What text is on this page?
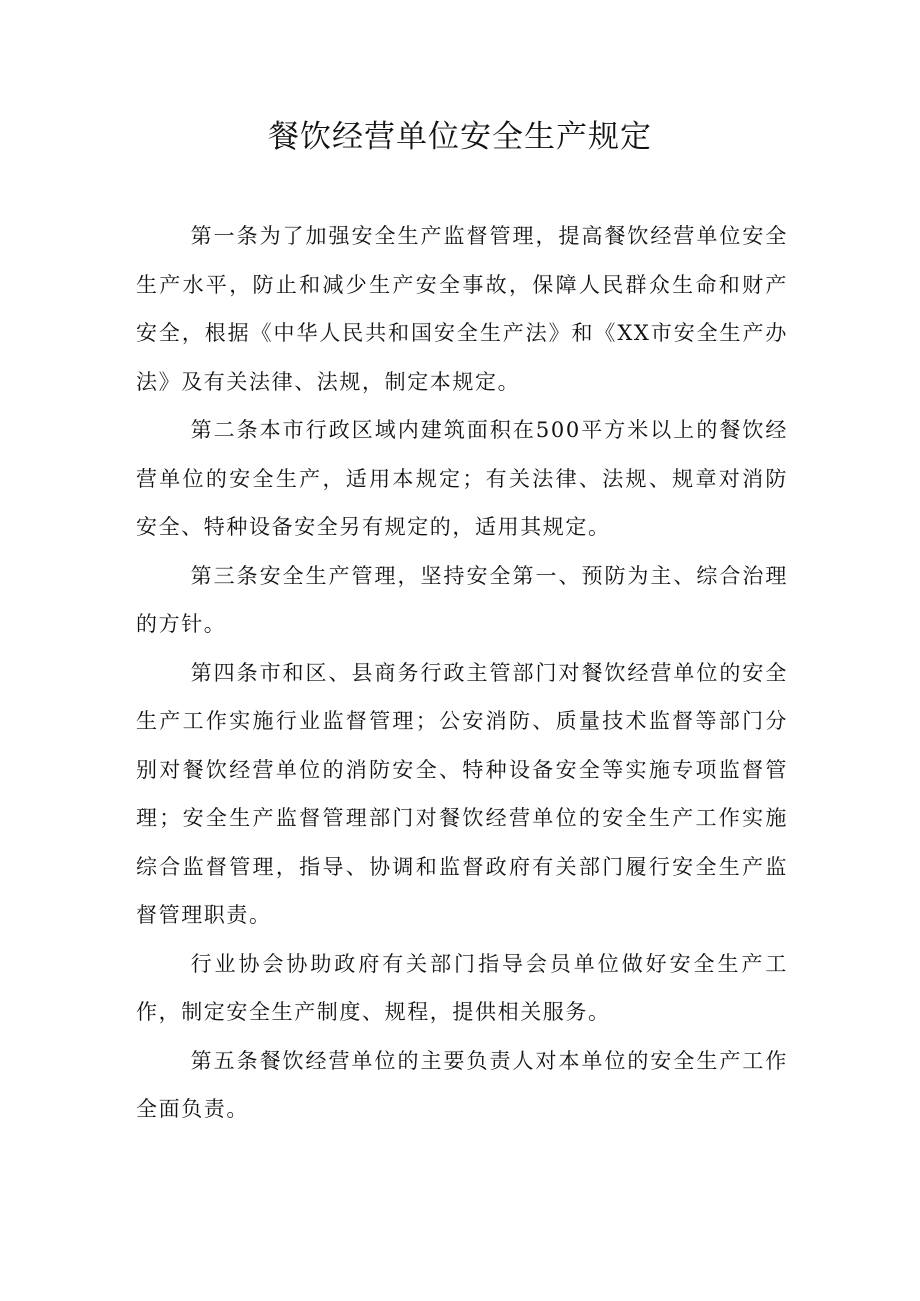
餐饮经营单位安全生产规定

第一条为了加强安全生产监督管理，提高餐饮经营单位安全生产水平，防止和减少生产安全事故，保障人民群众生命和财产安全，根据《中华人民共和国安全生产法》和《XX市安全生产办法》及有关法律、法规，制定本规定。

第二条本市行政区域内建筑面积在500平方米以上的餐饮经营单位的安全生产，适用本规定；有关法律、法规、规章对消防安全、特种设备安全另有规定的，适用其规定。

第三条安全生产管理，坚持安全第一、预防为主、综合治理的方针。

第四条市和区、县商务行政主管部门对餐饮经营单位的安全生产工作实施行业监督管理；公安消防、质量技术监督等部门分别对餐饮经营单位的消防安全、特种设备安全等实施专项监督管理；安全生产监督管理部门对餐饮经营单位的安全生产工作实施综合监督管理，指导、协调和监督政府有关部门履行安全生产监督管理职责。

行业协会协助政府有关部门指导会员单位做好安全生产工作，制定安全生产制度、规程，提供相关服务。

第五条餐饮经营单位的主要负责人对本单位的安全生产工作全面负责。
